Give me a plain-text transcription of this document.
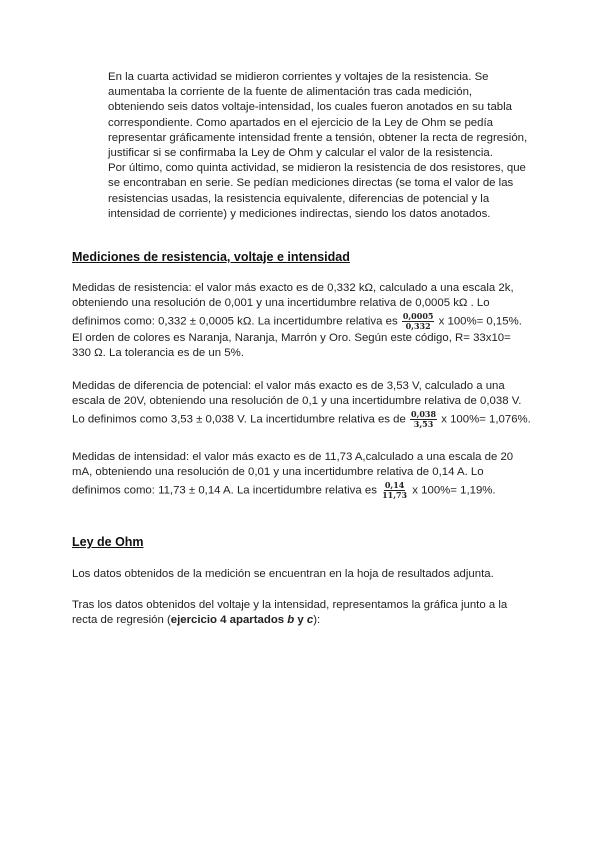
En la cuarta actividad se midieron corrientes y voltajes de la resistencia. Se aumentaba la corriente de la fuente de alimentación tras cada medición, obteniendo seis datos voltaje-intensidad, los cuales fueron anotados en su tabla correspondiente. Como apartados en el ejercicio de la Ley de Ohm se pedía representar gráficamente intensidad frente a tensión, obtener la recta de regresión, justificar si se confirmaba la Ley de Ohm y calcular el valor de la resistencia.

Por último, como quinta actividad, se midieron la resistencia de dos resistores, que se encontraban en serie. Se pedían mediciones directas (se toma el valor de las resistencias usadas, la resistencia equivalente, diferencias de potencial y la intensidad de corriente) y mediciones indirectas, siendo los datos anotados.

Mediciones de resistencia, voltaje e intensidad

Medidas de resistencia: el valor más exacto es de 0,332 kΩ, calculado a una escala 2k, obteniendo una resolución de 0,001 y una incertidumbre relativa de 0,0005 kΩ . Lo definimos como: 0,332 ± 0,0005 kΩ. La incertidumbre relativa es $\frac{0,0005}{0,332}$ x 100%= 0,15%. El orden de colores es Naranja, Naranja, Marrón y Oro. Según este código, R= 33x10= 330 Ω. La tolerancia es de un 5%.

Medidas de diferencia de potencial: el valor más exacto es de 3,53 V, calculado a una escala de 20V, obteniendo una resolución de 0,1 y una incertidumbre relativa de 0,038 V. Lo definimos como 3,53 ± 0,038 V. La incertidumbre relativa es de $\frac{0,038}{3,53}$ x 100%= 1,076%.

Medidas de intensidad: el valor más exacto es de 11,73 A,calculado a una escala de 20 mA, obteniendo una resolución de 0,01 y una incertidumbre relativa de 0,14 A. Lo definimos como: 11,73 ± 0,14 A. La incertidumbre relativa es $\frac{0,14}{11,73}$ x 100%= 1,19%.

Ley de Ohm

Los datos obtenidos de la medición se encuentran en la hoja de resultados adjunta.

Tras los datos obtenidos del voltaje y la intensidad, representamos la gráfica junto a la recta de regresión (ejercicio 4 apartados b y c):
